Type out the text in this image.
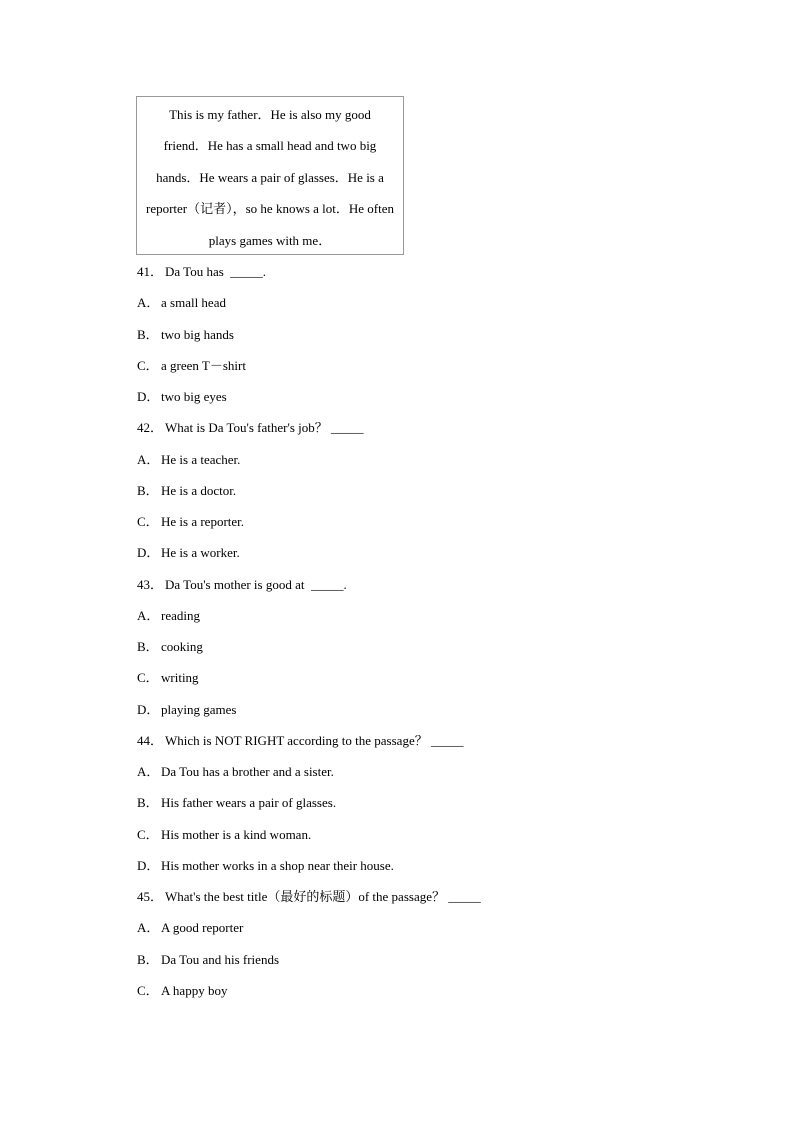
This is my father．He is also my good
friend．He has a small head and two big
hands．He wears a pair of glasses．He is a
reporter（记者），so he knows a lot．He often
plays games with me．
41． Da Tou has  _____.
A． a small head
B． two big hands
C． a green T－shirt
D． two big eyes
42． What is Da Tou's father's job？ _____
A． He is a teacher.
B． He is a doctor.
C． He is a reporter.
D． He is a worker.
43． Da Tou's mother is good at  _____.
A． reading
B． cooking
C． writing
D． playing games
44． Which is NOT RIGHT according to the passage？ _____
A． Da Tou has a brother and a sister.
B． His father wears a pair of glasses.
C． His mother is a kind woman.
D． His mother works in a shop near their house.
45． What's the best title（最好的标题）of the passage？ _____
A． A good reporter
B． Da Tou and his friends
C． A happy boy
